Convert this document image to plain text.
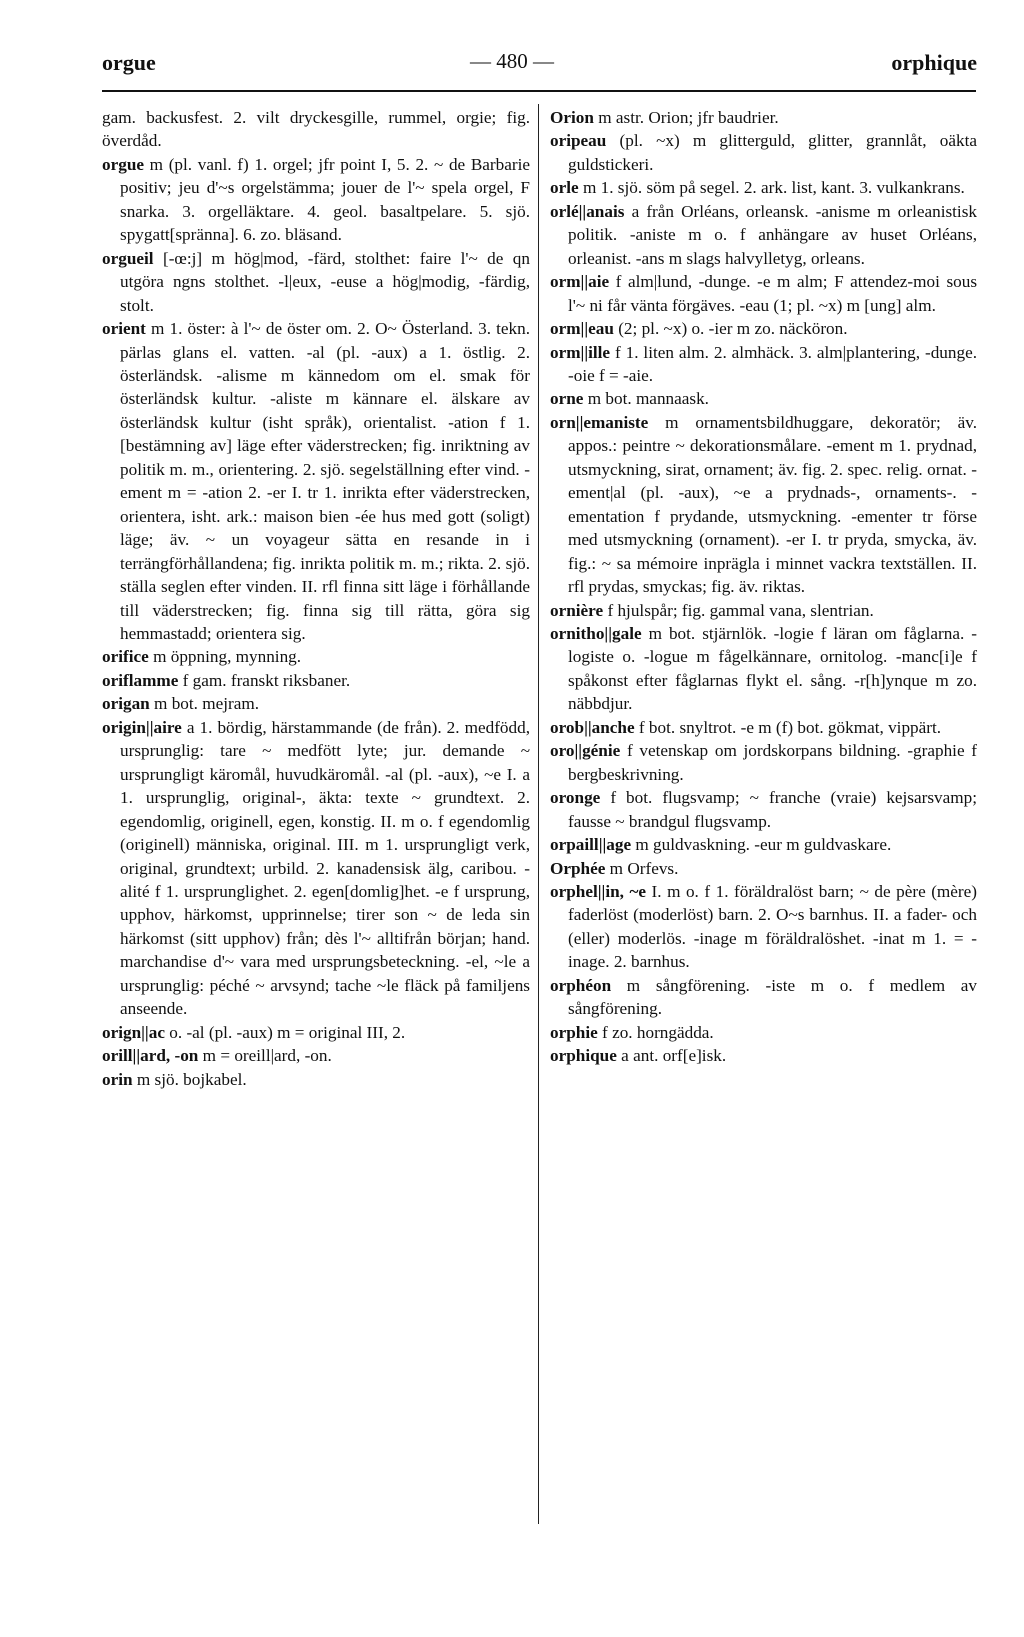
orgue	— 480 —	orphique

gam. backusfest. 2. vilt dryckesgille, rummel, orgie; fig. överdåd.

orgue m (pl. vanl. f) 1. orgel; jfr point I, 5. 2. ~ de Barbarie positiv; jeu d'~s orgelstämma; jouer de l'~ spela orgel, F snarka. 3. orgelläktare. 4. geol. basaltpelare. 5. sjö. spygatt[spränna]. 6. zo. bläsand.

orgueil [-œ:j] m hög|mod, -färd, stolthet: faire l'~ de qn utgöra ngns stolthet. -l|eux, -euse a hög|modig, -färdig, stolt.

orient m 1. öster: à l'~ de öster om. 2. O~ Österland. 3. tekn. pärlas glans el. vatten. -al (pl. -aux) a 1. östlig. 2. österländsk. -alisme m kännedom om el. smak för österländsk kultur. -aliste m kännare el. älskare av österländsk kultur (isht språk), orientalist. -ation f 1. [bestämning av] läge efter väderstrecken; fig. inriktning av politik m. m., orientering. 2. sjö. segelställning efter vind. -ement m = -ation 2. -er I. tr 1. inrikta efter väderstrecken, orientera, isht. ark.: maison bien -ée hus med gott (soligt) läge; äv. ~ un voyageur sätta en resande in i terrängförhållandena; fig. inrikta politik m. m.; rikta. 2. sjö. ställa seglen efter vinden. II. rfl finna sitt läge i förhållande till väderstrecken; fig. finna sig till rätta, göra sig hemmastadd; orientera sig.

orifice m öppning, mynning.

oriflamme f gam. franskt riksbaner.

origan m bot. mejram.

origin||aire a 1. bördig, härstammande (de från). 2. medfödd, ursprunglig: tare ~ medfött lyte; jur. demande ~ ursprungligt käromål, huvudkäromål. -al (pl. -aux), ~e I. a 1. ursprunglig, original-, äkta: texte ~ grundtext. 2. egendomlig, originell, egen, konstig. II. m o. f egendomlig (originell) människa, original. III. m 1. ursprungligt verk, original, grundtext; urbild. 2. kanadensisk älg, caribou. -alité f 1. ursprunglighet. 2. egen[domlig]het. -e f ursprung, upphov, härkomst, upprinnelse; tirer son ~ de leda sin härkomst (sitt upphov) från; dès l'~ alltifrån början; hand. marchandise d'~ vara med ursprungsbeteckning. -el, ~le a ursprunglig: péché ~ arvsynd; tache ~le fläck på familjens anseende.

orign||ac o. -al (pl. -aux) m = original III, 2.

orill||ard, -on m = oreill|ard, -on.

orin m sjö. bojkabel.

Orion m astr. Orion; jfr baudrier.

oripeau (pl. ~x) m glitterguld, glitter, grannlåt, oäkta guldstickeri.

orle m 1. sjö. söm på segel. 2. ark. list, kant. 3. vulkankrans.

orlé||anais a från Orléans, orleansk. -anisme m orleanistisk politik. -aniste m o. f anhängare av huset Orléans, orleanist. -ans m slags halvylletyg, orleans.

orm||aie f alm|lund, -dunge. -e m alm; F attendez-moi sous l'~ ni får vänta förgäves. -eau (1; pl. ~x) m [ung] alm.

orm||eau (2; pl. ~x) o. -ier m zo. näcköron.

orm||ille f 1. liten alm. 2. almhäck. 3. alm|plantering, -dunge. -oie f = -aie.

orne m bot. mannaask.

orn||emaniste m ornamentsbildhuggare, dekoratör; äv. appos.: peintre ~ dekorationsmålare. -ement m 1. prydnad, utsmyckning, sirat, ornament; äv. fig. 2. spec. relig. ornat. -ement|al (pl. -aux), ~e a prydnads-, ornaments-. -ementation f prydande, utsmyckning. -ementer tr förse med utsmyckning (ornament). -er I. tr pryda, smycka, äv. fig.: ~ sa mémoire inprägla i minnet vackra textställen. II. rfl prydas, smyckas; fig. äv. riktas.

ornière f hjulspår; fig. gammal vana, slentrian.

ornitho||gale m bot. stjärnlök. -logie f läran om fåglarna. -logiste o. -logue m fågelkännare, ornitolog. -manc[i]e f spåkonst efter fåglarnas flykt el. sång. -r[h]ynque m zo. näbbdjur.

orob||anche f bot. snyltrot. -e m (f) bot. gökmat, vippärt.

oro||génie f vetenskap om jordskorpans bildning. -graphie f bergbeskrivning.

oronge f bot. flugsvamp; ~ franche (vraie) kejsarsvamp; fausse ~ brandgul flugsvamp.

orpaill||age m guldvaskning. -eur m guldvaskare.

Orphée m Orfevs.

orphel||in, ~e I. m o. f 1. föräldralöst barn; ~ de père (mère) faderlöst (moderlöst) barn. 2. O~s barnhus. II. a fader- och (eller) moderlös. -inage m föräldralöshet. -inat m 1. = -inage. 2. barnhus.

orphéon m sångförening. -iste m o. f medlem av sångförening.

orphie f zo. horngädda.

orphique a ant. orf[e]isk.
